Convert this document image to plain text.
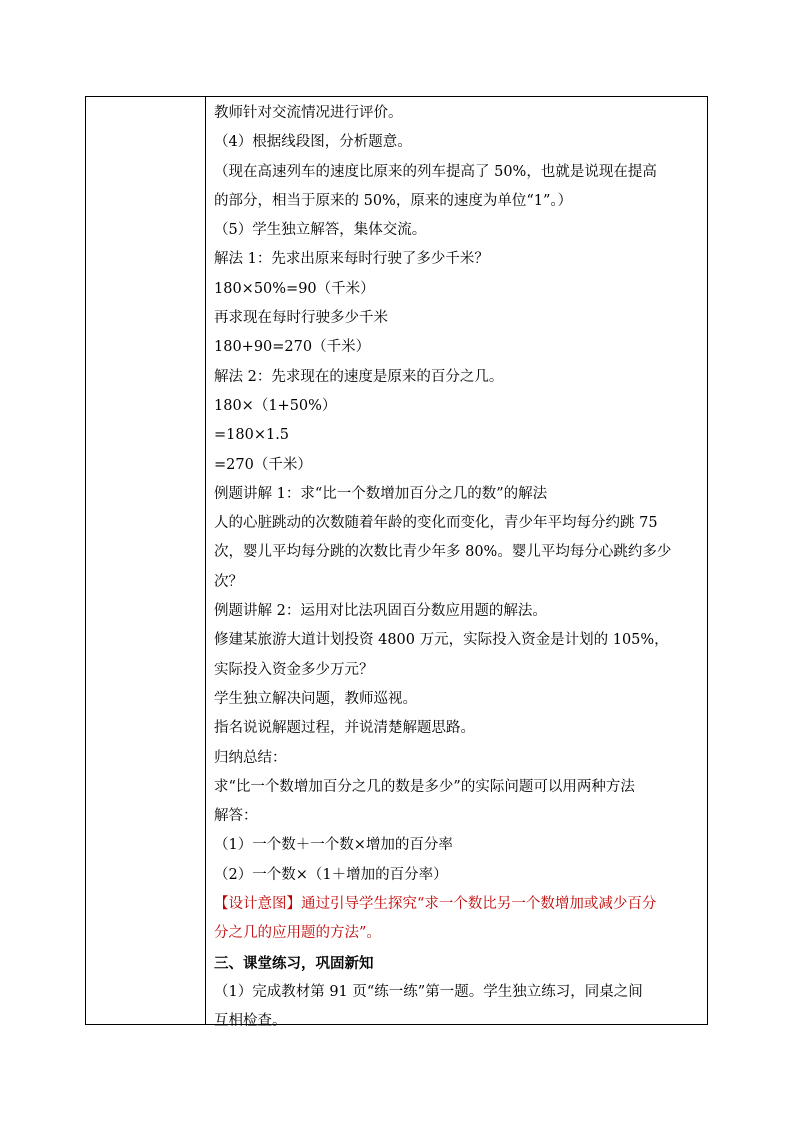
教师针对交流情况进行评价。
（4）根据线段图，分析题意。
（现在高速列车的速度比原来的列车提高了 50%，也就是说现在提高
的部分，相当于原来的 50%，原来的速度为单位“1”。）
（5）学生独立解答，集体交流。
解法 1：先求出原来每时行驶了多少千米？
180×50%=90（千米）
再求现在每时行驶多少千米
180+90=270（千米）
解法 2：先求现在的速度是原来的百分之几。
180×（1+50%）
=180×1.5
=270（千米）
例题讲解 1：求“比一个数增加百分之几的数”的解法
人的心脏跳动的次数随着年龄的变化而变化，青少年平均每分约跳 75
次，婴儿平均每分跳的次数比青少年多 80%。婴儿平均每分心跳约多少
次？
例题讲解 2：运用对比法巩固百分数应用题的解法。
修建某旅游大道计划投资 4800 万元，实际投入资金是计划的 105%，
实际投入资金多少万元？
学生独立解决问题，教师巡视。
指名说说解题过程，并说清楚解题思路。
归纳总结：
求“比一个数增加百分之几的数是多少”的实际问题可以用两种方法
解答：
（1）一个数＋一个数×增加的百分率
（2）一个数×（1＋增加的百分率）
【设计意图】通过引导学生探究“求一个数比另一个数增加或减少百分
分之几的应用题的方法”。
三、课堂练习，巩固新知
（1）完成教材第 91 页“练一练”第一题。学生独立练习，同桌之间
互相检查。
